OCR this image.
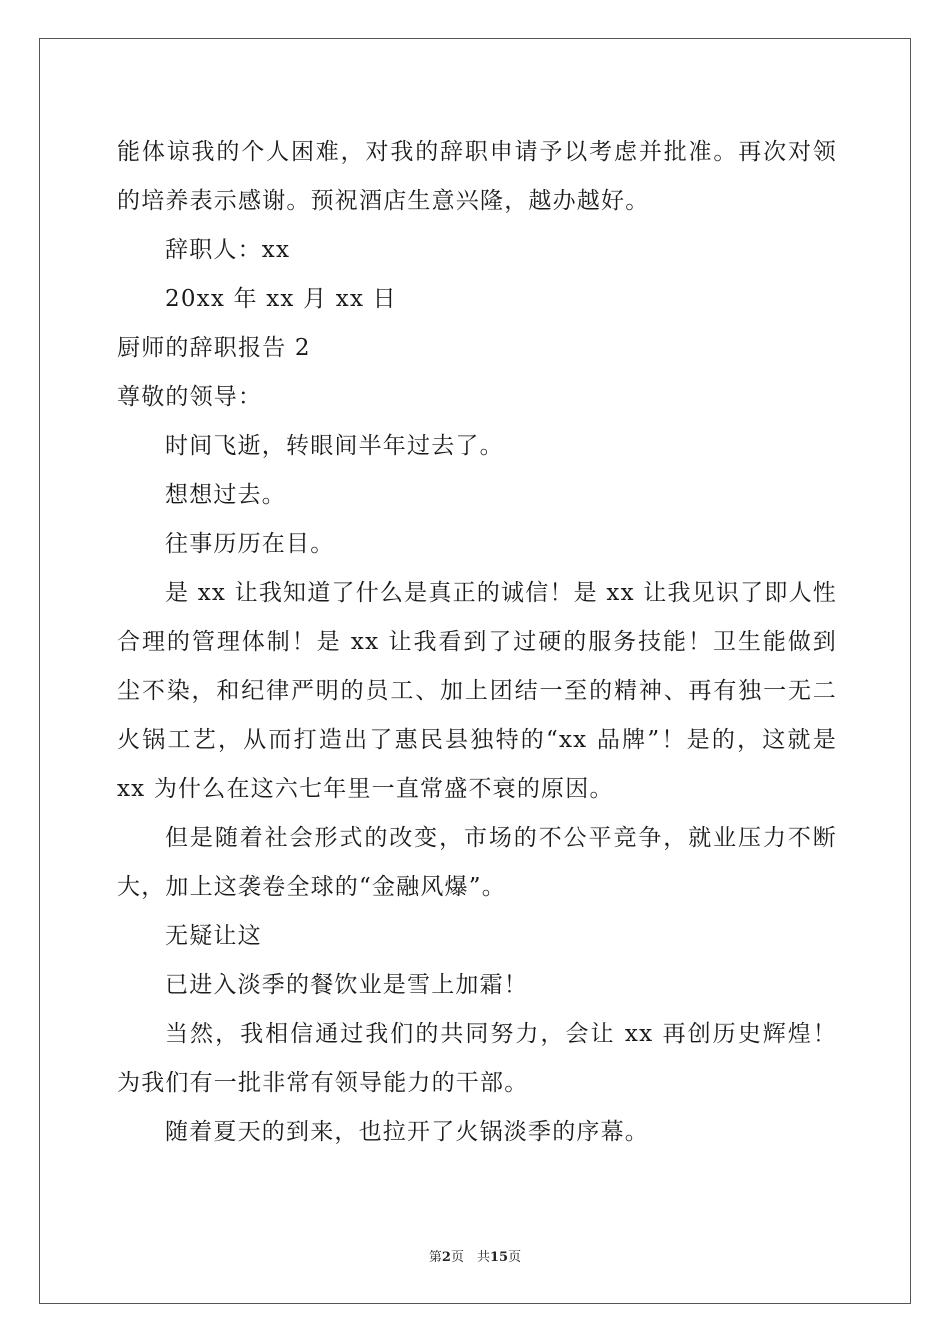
能体谅我的个人困难，对我的辞职申请予以考虑并批准。再次对领
的培养表示感谢。预祝酒店生意兴隆，越办越好。
辞职人：xx
20xx 年 xx 月 xx 日
厨师的辞职报告 2
尊敬的领导：
时间飞逝，转眼间半年过去了。
想想过去。
往事历历在目。
是 xx 让我知道了什么是真正的诚信！是 xx 让我见识了即人性
合理的管理体制！是 xx 让我看到了过硬的服务技能！卫生能做到
尘不染，和纪律严明的员工、加上团结一至的精神、再有独一无二
火锅工艺，从而打造出了惠民县独特的“xx 品牌”！是的，这就是
xx 为什么在这六七年里一直常盛不衰的原因。
但是随着社会形式的改变，市场的不公平竞争，就业压力不断
大，加上这袭卷全球的“金融风爆”。
无疑让这
已进入淡季的餐饮业是雪上加霜！
当然，我相信通过我们的共同努力，会让 xx 再创历史辉煌！
为我们有一批非常有领导能力的干部。
随着夏天的到来，也拉开了火锅淡季的序幕。
第2页　共15页
